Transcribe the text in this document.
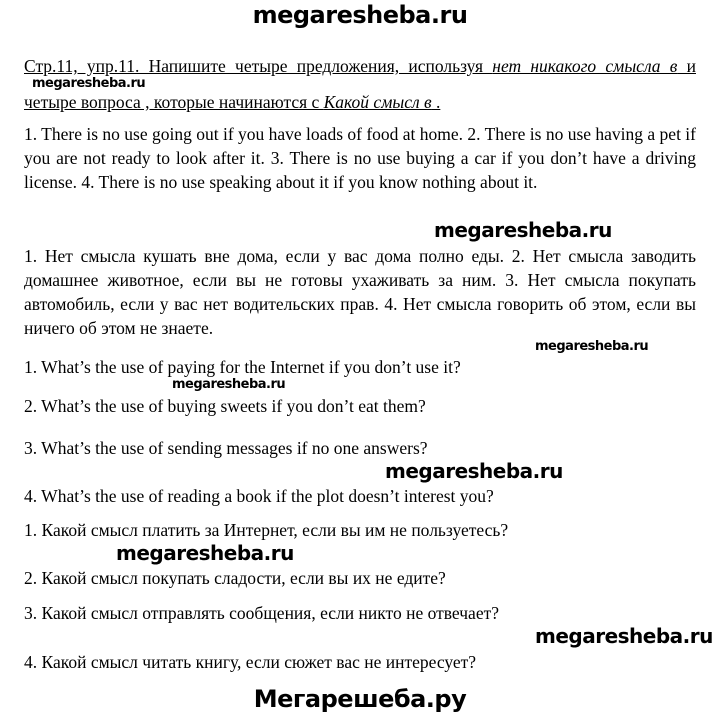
megaresheba.ru
Стр.11, упр.11. Напишите четыре предложения, используя нет никакого смысла в и четыре вопроса , которые начинаются с Какой смысл в .
megaresheba.ru
1. There is no use going out if you have loads of food at home. 2. There is no use having a pet if you are not ready to look after it. 3. There is no use buying a car if you don’t have a driving license. 4. There is no use speaking about it if you know nothing about it.
megaresheba.ru
1. Нет смысла кушать вне дома, если у вас дома полно еды. 2. Нет смысла заводить домашнее животное, если вы не готовы ухаживать за ним. 3. Нет смысла покупать автомобиль, если у вас нет водительских прав. 4. Нет смысла говорить об этом, если вы ничего об этом не знаете.
megaresheba.ru
1. What’s the use of paying for the Internet if you don’t use it?
megaresheba.ru
2. What’s the use of buying sweets if you don’t eat them?
3. What’s the use of sending messages if no one answers?
megaresheba.ru
4. What’s the use of reading a book if the plot doesn’t interest you?
1. Какой смысл платить за Интернет, если вы им не пользуетесь?
megaresheba.ru
2. Какой смысл покупать сладости, если вы их не едите?
3. Какой смысл отправлять сообщения, если никто не отвечает?
megaresheba.ru
4. Какой смысл читать книгу, если сюжет вас не интересует?
Мегарешеба.ру
